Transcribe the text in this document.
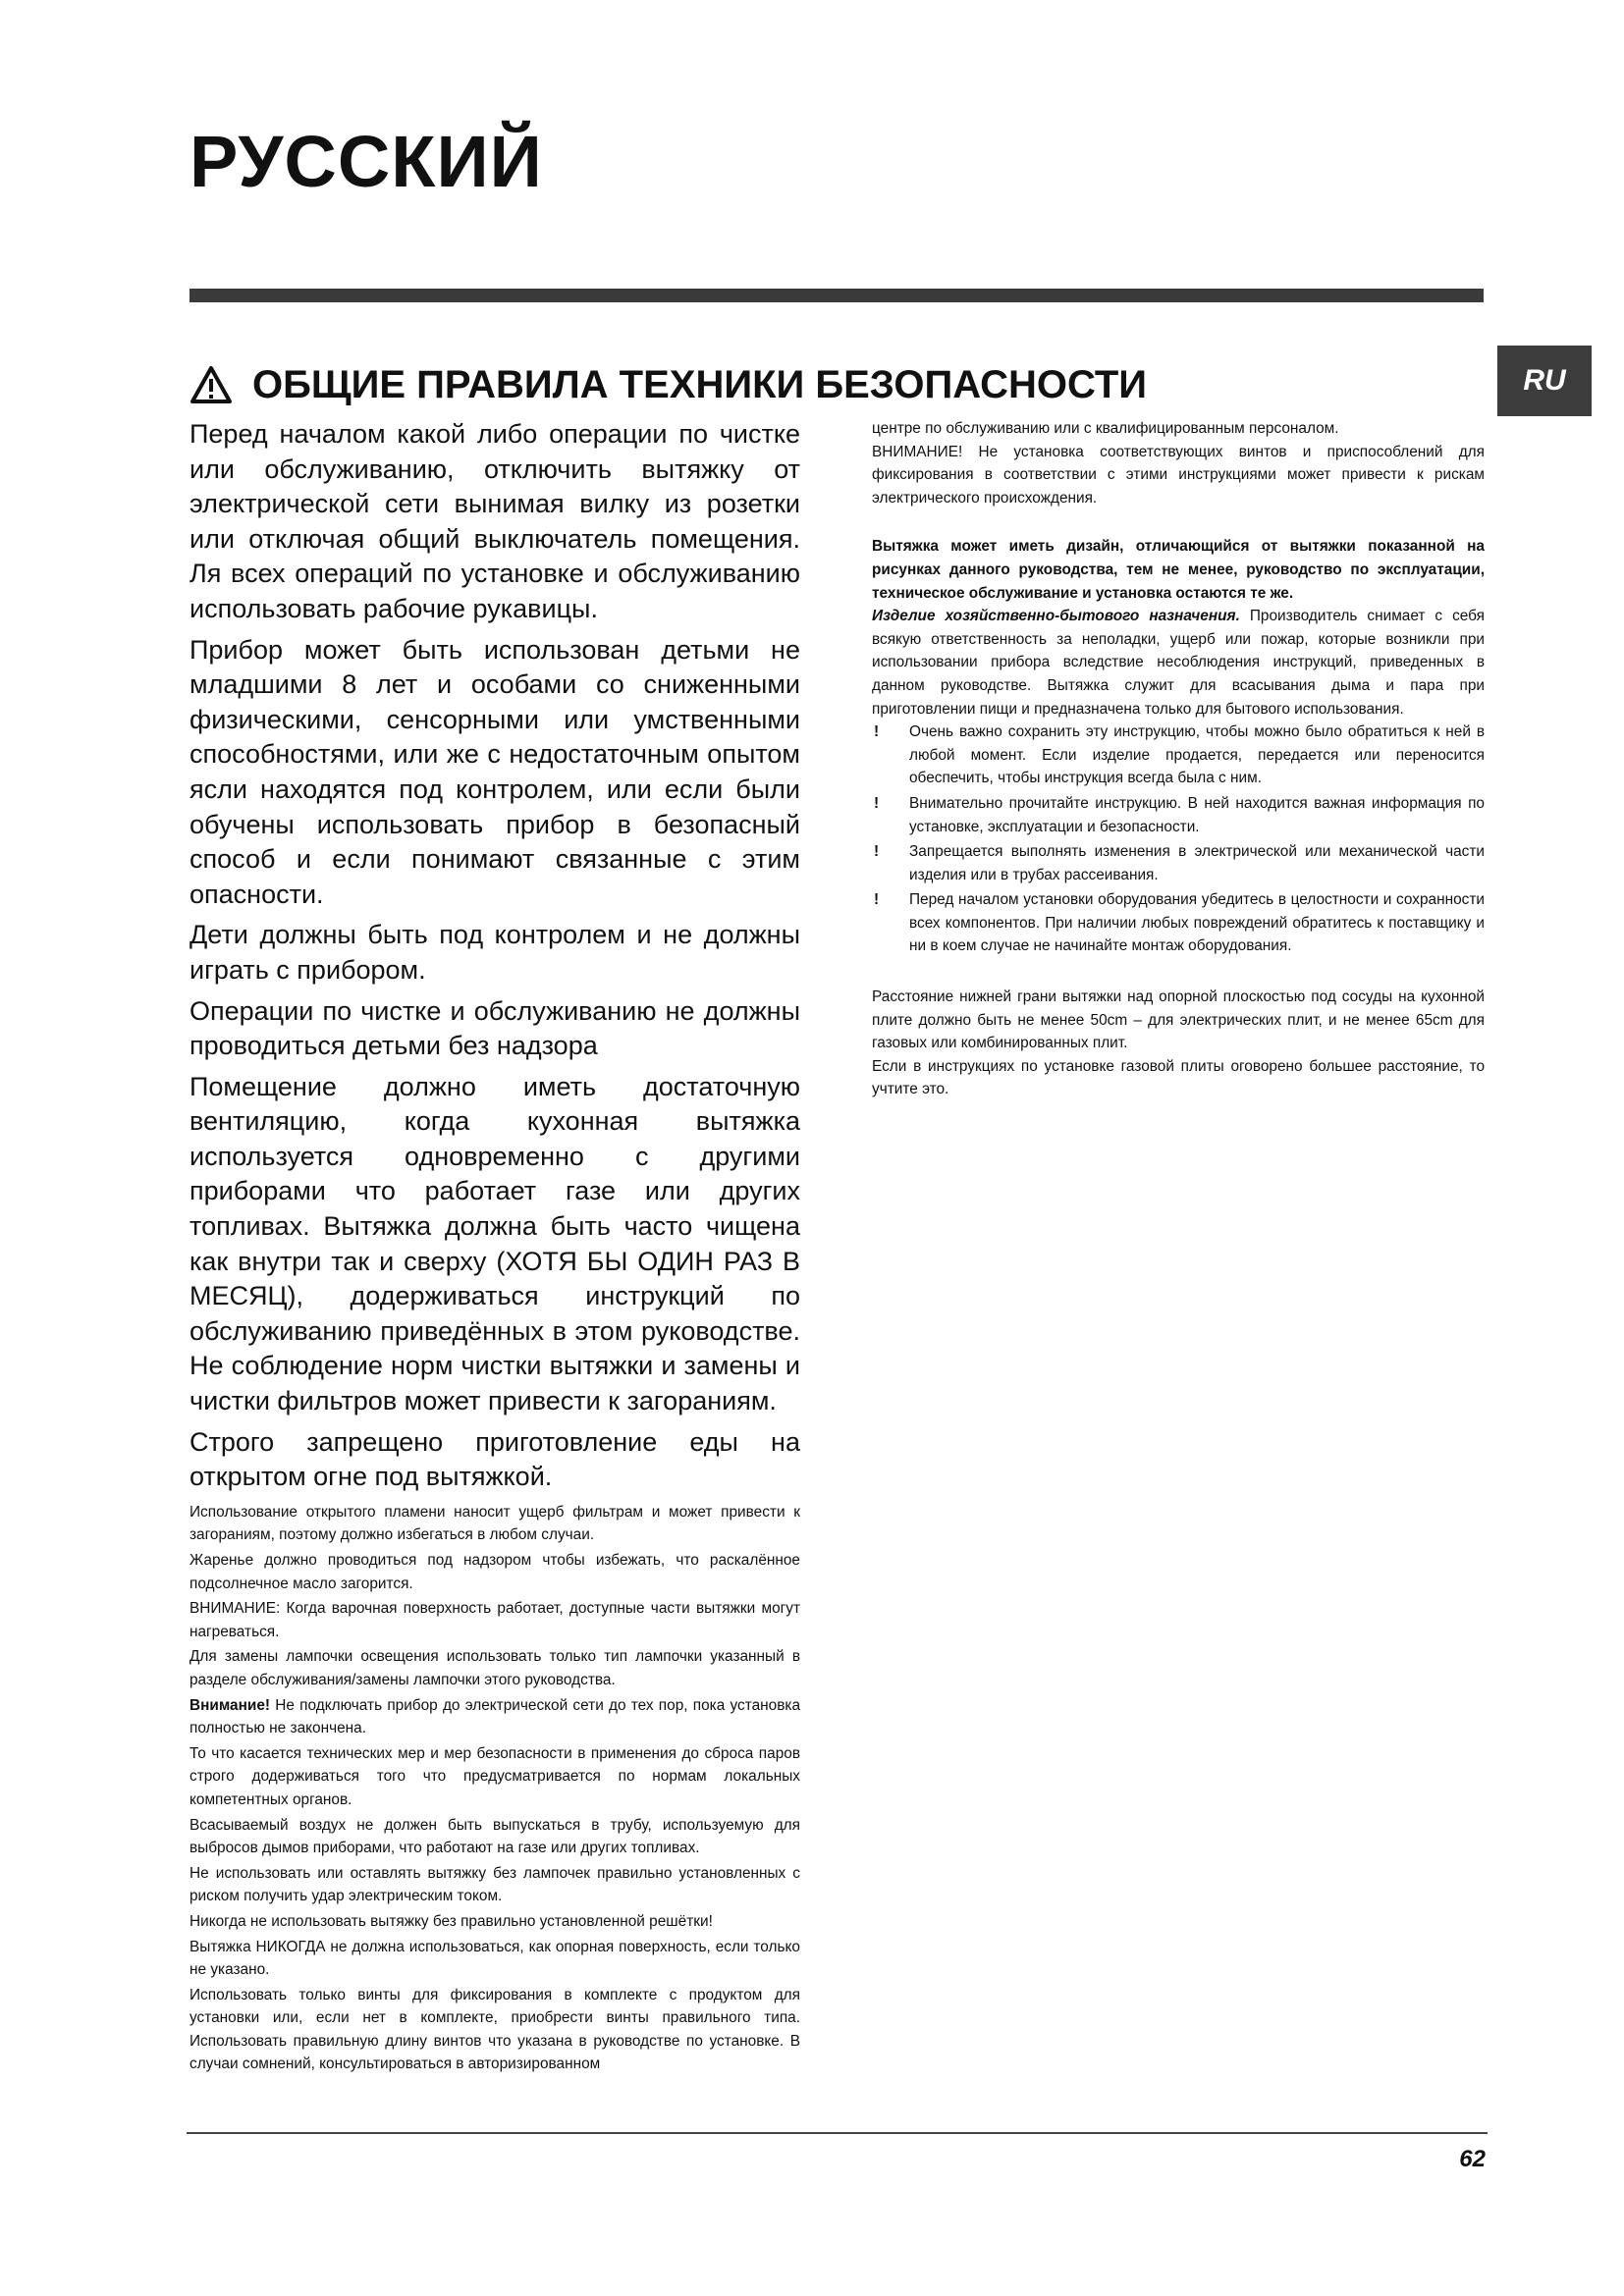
РУССКИЙ
RU
ОБЩИЕ ПРАВИЛА ТЕХНИКИ БЕЗОПАСНОСТИ

Перед началом какой либо операции по чистке или обслуживанию, отключить вытяжку от электрической сети вынимая вилку из розетки или отключая общий выключатель помещения. Ля всех операций по установке и обслуживанию использовать рабочие рукавицы.

Прибор может быть использован детьми не младшими 8 лет и особами со сниженными физическими, сенсорными или умственными способностями, или же с недостаточным опытом ясли находятся под контролем, или если были обучены использовать прибор в безопасный способ и если понимают связанные с этим опасности.

Дети должны быть под контролем и не должны играть с прибором.

Операции по чистке и обслуживанию не должны проводиться детьми без надзора

Помещение должно иметь достаточную вентиляцию, когда кухонная вытяжка используется одновременно с другими приборами что работает газе или других топливах. Вытяжка должна быть часто чищена как внутри так и сверху (ХОТЯ БЫ ОДИН РАЗ В МЕСЯЦ), додерживаться инструкций по обслуживанию приведённых в этом руководстве. Не соблюдение норм чистки вытяжки и замены и чистки фильтров может привести к загораниям.

Строго запрещено приготовление еды на открытом огне под вытяжкой.

Использование открытого пламени наносит ущерб фильтрам и может привести к загораниям, поэтому должно избегаться в любом случаи.

Жаренье должно проводиться под надзором чтобы избежать, что раскалённое подсолнечное масло загорится.

ВНИМАНИЕ: Когда варочная поверхность работает, доступные части вытяжки могут нагреваться.

Для замены лампочки освещения использовать только тип лампочки указанный в разделе обслуживания/замены лампочки этого руководства.

Внимание! Не подключать прибор до электрической сети до тех пор, пока установка полностью не закончена.

То что касается технических мер и мер безопасности в применения до сброса паров строго додерживаться того что предусматривается по нормам локальных компетентных органов.

Всасываемый воздух не должен быть выпускаться в трубу, используемую для выбросов дымов приборами, что работают на газе или других топливах.

Не использовать или оставлять вытяжку без лампочек правильно установленных с риском получить удар электрическим током.

Никогда не использовать вытяжку без правильно установленной решётки!

Вытяжка НИКОГДА не должна использоваться, как опорная поверхность, если только не указано.

Использовать только винты для фиксирования в комплекте с продуктом для установки или, если нет в комплекте, приобрести винты правильного типа. Использовать правильную длину винтов что указана в руководстве по установке. В случаи сомнений, консультироваться в авторизированном

центре по обслуживанию или с квалифицированным персоналом.

ВНИМАНИЕ! Не установка соответствующих винтов и приспособлений для фиксирования в соответствии с этими инструкциями может привести к рискам электрического происхождения.

Вытяжка может иметь дизайн, отличающийся от вытяжки показанной на рисунках данного руководства, тем не менее, руководство по эксплуатации, техническое обслуживание и установка остаются те же.

Изделие хозяйственно-бытового назначения. Производитель снимает с себя всякую ответственность за неполадки, ущерб или пожар, которые возникли при использовании прибора вследствие несоблюдения инструкций, приведенных в данном руководстве. Вытяжка служит для всасывания дыма и пара при приготовлении пищи и предназначена только для бытового использования.

! Очень важно сохранить эту инструкцию, чтобы можно было обратиться к ней в любой момент. Если изделие продается, передается или переносится обеспечить, чтобы инструкция всегда была с ним.
! Внимательно прочитайте инструкцию. В ней находится важная информация по установке, эксплуатации и безопасности.
! Запрещается выполнять изменения в электрической или механической части изделия или в трубах рассеивания.
! Перед началом установки оборудования убедитесь в целостности и сохранности всех компонентов. При наличии любых повреждений обратитесь к поставщику и ни в коем случае не начинайте монтаж оборудования.

Расстояние нижней грани вытяжки над опорной плоскостью под сосуды на кухонной плите должно быть не менее 50cm – для электрических плит, и не менее 65cm для газовых или комбинированных плит.

Если в инструкциях по установке газовой плиты оговорено большее расстояние, то учтите это.

62
